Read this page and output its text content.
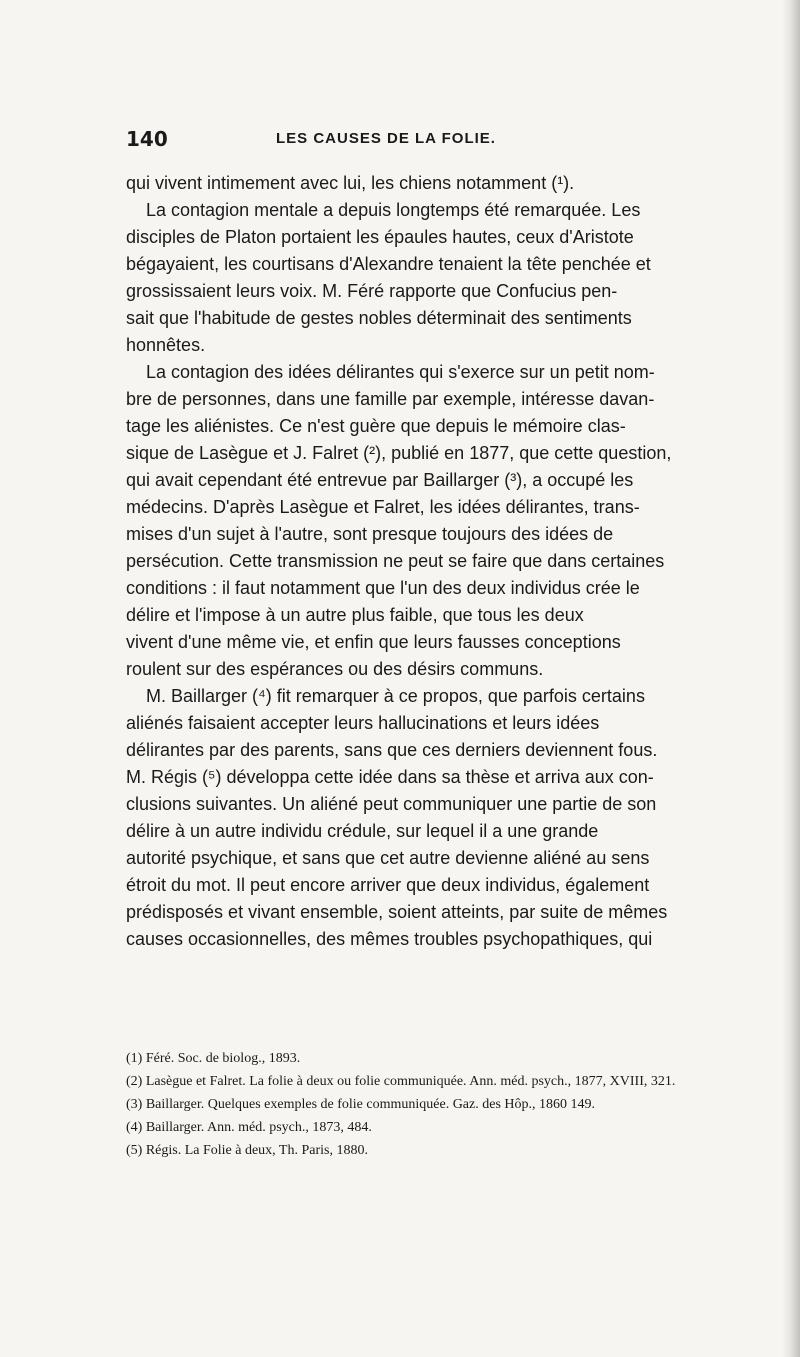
140	LES CAUSES DE LA FOLIE.

qui vivent intimement avec lui, les chiens notamment (¹).
La contagion mentale a depuis longtemps été remarquée. Les
disciples de Platon portaient les épaules hautes, ceux d'Aristote
bégayaient, les courtisans d'Alexandre tenaient la tête penchée et
grossissaient leurs voix. M. Féré rapporte que Confucius pen-
sait que l'habitude de gestes nobles déterminait des sentiments
honnêtes.

La contagion des idées délirantes qui s'exerce sur un petit nom-
bre de personnes, dans une famille par exemple, intéresse davan-
tage les aliénistes. Ce n'est guère que depuis le mémoire clas-
sique de Lasègue et J. Falret (²), publié en 1877, que cette question,
qui avait cependant été entrevue par Baillarger (³), a occupé les
médecins. D'après Lasègue et Falret, les idées délirantes, trans-
mises d'un sujet à l'autre, sont presque toujours des idées de
persécution. Cette transmission ne peut se faire que dans certaines
conditions : il faut notamment que l'un des deux individus crée le
délire et l'impose à un autre plus faible, que tous les deux
vivent d'une même vie, et enfin que leurs fausses conceptions
roulent sur des espérances ou des désirs communs.

M. Baillarger (⁴) fit remarquer à ce propos, que parfois certains
aliénés faisaient accepter leurs hallucinations et leurs idées
délirantes par des parents, sans que ces derniers deviennent fous.
M. Régis (⁵) développa cette idée dans sa thèse et arriva aux con-
clusions suivantes. Un aliéné peut communiquer une partie de son
délire à un autre individu crédule, sur lequel il a une grande
autorité psychique, et sans que cet autre devienne aliéné au sens
étroit du mot. Il peut encore arriver que deux individus, également
prédisposés et vivant ensemble, soient atteints, par suite de mêmes
causes occasionnelles, des mêmes troubles psychopathiques, qui

(1) Féré. Soc. de biolog., 1893.

(2) Lasègue et Falret. La folie à deux ou folie communiquée. Ann. méd. psych., 1877, XVIII, 321.

(3) Baillarger. Quelques exemples de folie communiquée. Gaz. des Hôp., 1860 149.

(4) Baillarger. Ann. méd. psych., 1873, 484.

(5) Régis. La Folie à deux, Th. Paris, 1880.
